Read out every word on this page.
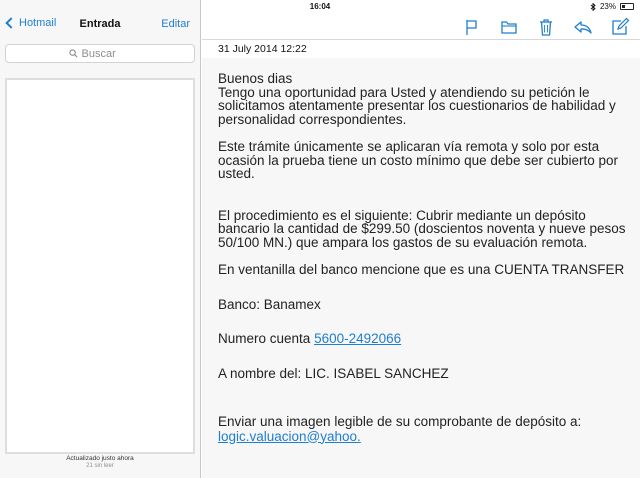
16:04	23%
Hotmail	Entrada	Editar
Buscar
Actualizado justo ahora
21 sin leer
31 July 2014 12:22

Buenos dias
Tengo una oportunidad para Usted y atendiendo su petición le solicitamos atentamente presentar los cuestionarios de habilidad y personalidad correspondientes.

Este trámite únicamente se aplicaran vía remota y solo por esta ocasión la prueba tiene un costo mínimo que debe ser cubierto por usted.

El procedimiento es el siguiente: Cubrir mediante un depósito bancario la cantidad de $299.50 (doscientos noventa y nueve pesos 50/100 MN.) que ampara los gastos de su evaluación remota.

En ventanilla del banco mencione que es una CUENTA TRANSFER

Banco: Banamex

Numero cuenta 5600-2492066

A nombre del: LIC. ISABEL SANCHEZ

Enviar una imagen legible de su comprobante de depósito a:

logic.valuacion@yahoo.
